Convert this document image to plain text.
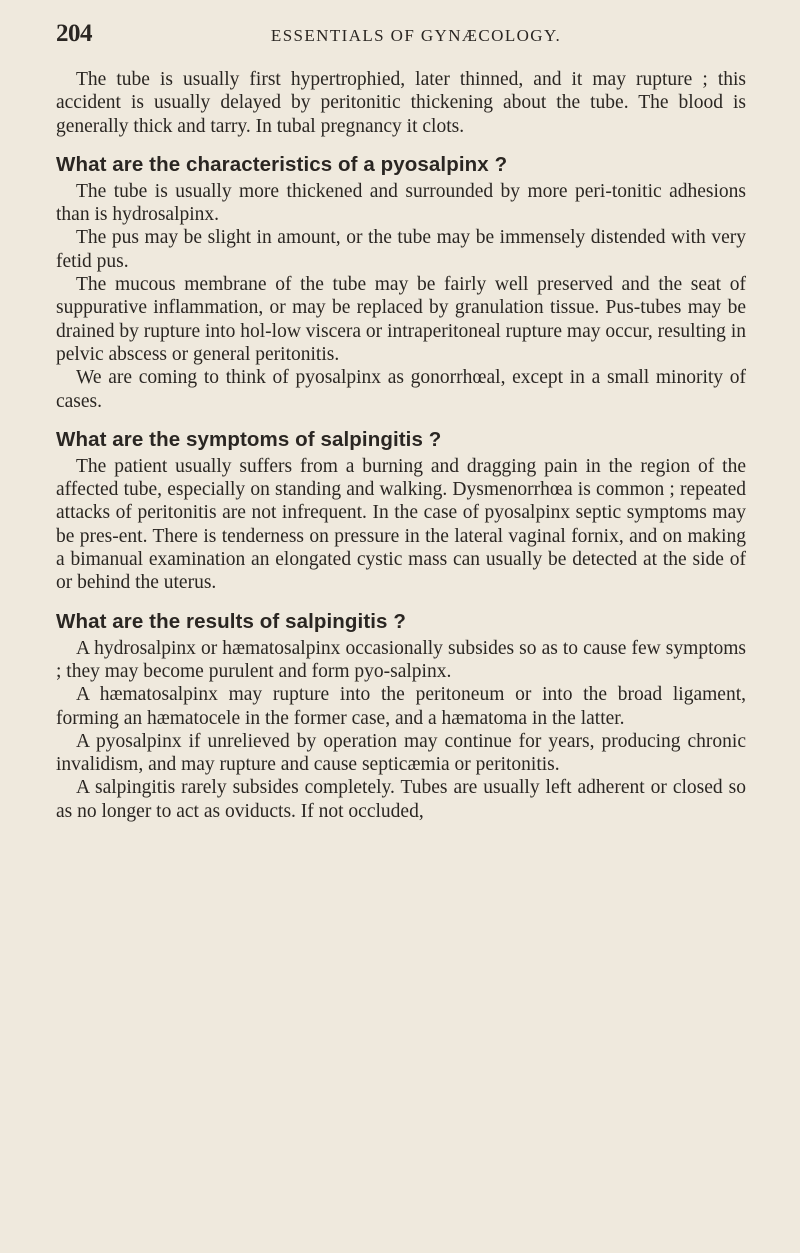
204	ESSENTIALS OF GYNÆCOLOGY.

The tube is usually first hypertrophied, later thinned, and it may rupture ; this accident is usually delayed by peritonitic thickening about the tube. The blood is generally thick and tarry. In tubal pregnancy it clots.

What are the characteristics of a pyosalpinx ?

The tube is usually more thickened and surrounded by more peri-tonitic adhesions than is hydrosalpinx.

The pus may be slight in amount, or the tube may be immensely distended with very fetid pus.

The mucous membrane of the tube may be fairly well preserved and the seat of suppurative inflammation, or may be replaced by granulation tissue. Pus-tubes may be drained by rupture into hol-low viscera or intraperitoneal rupture may occur, resulting in pelvic abscess or general peritonitis.

We are coming to think of pyosalpinx as gonorrhœal, except in a small minority of cases.

What are the symptoms of salpingitis ?

The patient usually suffers from a burning and dragging pain in the region of the affected tube, especially on standing and walking. Dysmenorrhœa is common ; repeated attacks of peritonitis are not infrequent. In the case of pyosalpinx septic symptoms may be pres-ent. There is tenderness on pressure in the lateral vaginal fornix, and on making a bimanual examination an elongated cystic mass can usually be detected at the side of or behind the uterus.

What are the results of salpingitis ?

A hydrosalpinx or hæmatosalpinx occasionally subsides so as to cause few symptoms ; they may become purulent and form pyo-salpinx.

A hæmatosalpinx may rupture into the peritoneum or into the broad ligament, forming an hæmatocele in the former case, and a hæmatoma in the latter.

A pyosalpinx if unrelieved by operation may continue for years, producing chronic invalidism, and may rupture and cause septicæmia or peritonitis.

A salpingitis rarely subsides completely. Tubes are usually left adherent or closed so as no longer to act as oviducts. If not occluded,
